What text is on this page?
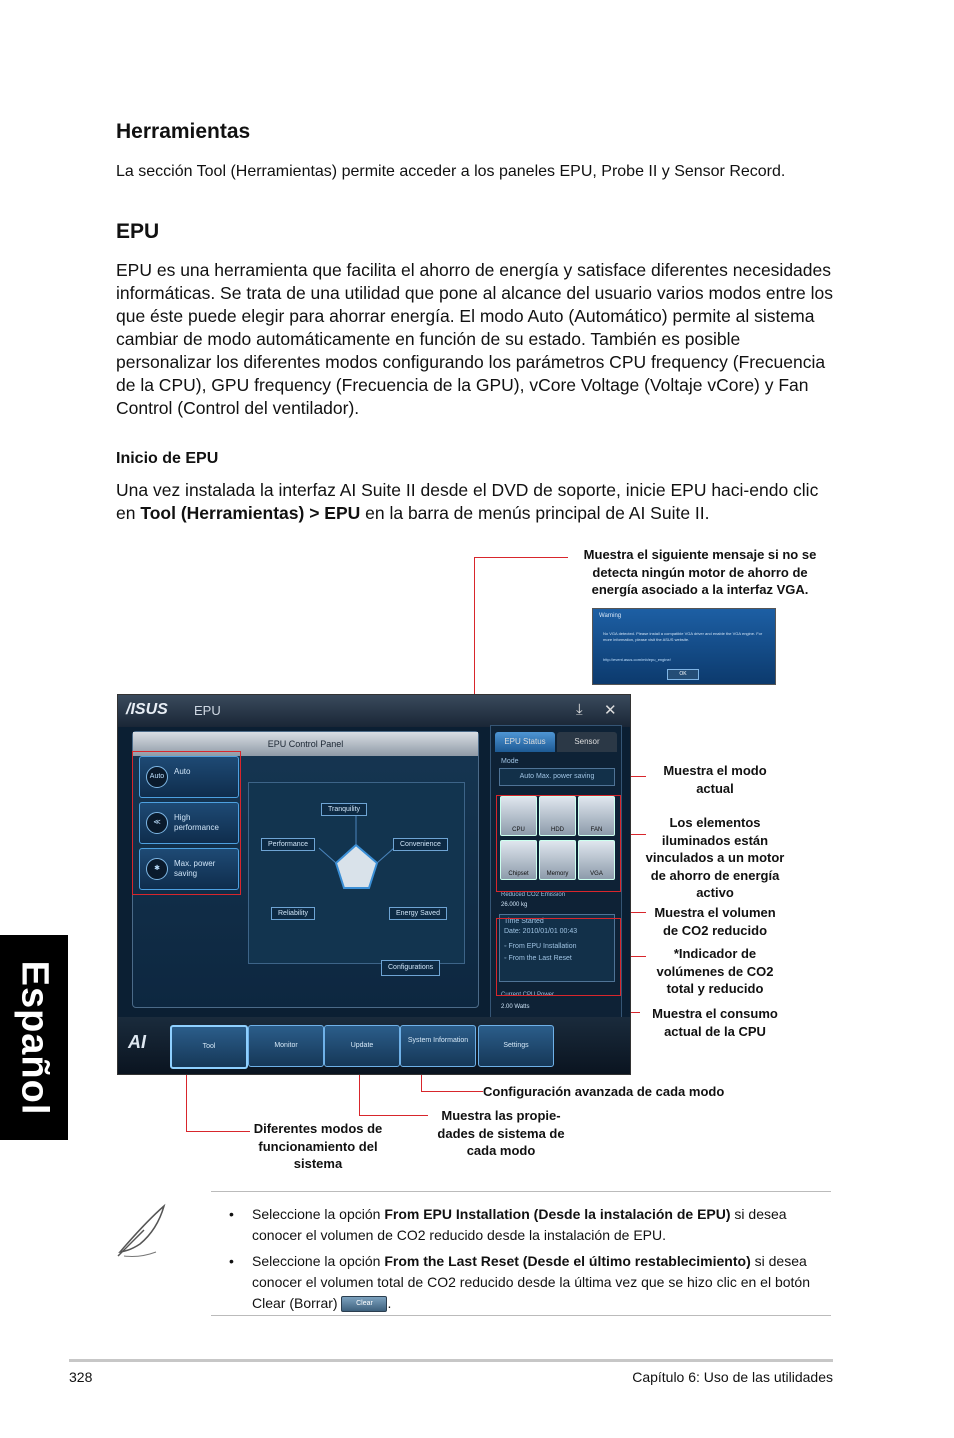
Español
Herramientas

La sección Tool (Herramientas) permite acceder a los paneles EPU, Probe II y Sensor Record.

EPU

EPU es una herramienta que facilita el ahorro de energía y satisface diferentes necesidades informáticas. Se trata de una utilidad que pone al alcance del usuario varios modos entre los que éste puede elegir para ahorrar energía. El modo Auto (Automático) permite al sistema cambiar de modo automáticamente en función de su estado. También es posible personalizar los diferentes modos configurando los parámetros CPU frequency (Frecuencia de la CPU), GPU frequency (Frecuencia de la GPU), vCore Voltage (Voltaje vCore) y Fan Control (Control del ventilador).

Inicio de EPU

Una vez instalada la interfaz AI Suite II desde el DVD de soporte, inicie EPU haci-endo clic en Tool (Herramientas) > EPU en la barra de menús principal de AI Suite II.

Muestra el siguiente mensaje si no se detecta ningún motor de ahorro de energía asociado a la interfaz VGA.
Muestra el modo actual
Los elementos iluminados están vinculados a un motor de ahorro de energía activo
Muestra el volumen de CO2 reducido
*Indicador de volúmenes de CO2 total y reducido
Muestra el consumo actual de la CPU
Configuración avanzada de cada modo
Diferentes modos de funcionamiento del sistema
Muestra las propie-dades de sistema de cada modo
Warning
No VGA detected. Please install a compatible VGA driver and enable the VGA engine. For more information, please visit the ASUS website.
http://event.asus.com/mb/epu_engine/
OK
/ISUS EPU	⤓ ✕
EPU Control Panel
Auto
Auto
≪
High performance
✱
Max. power saving
Tranquility
Performance	Convenience
Reliability	Energy Saved
Configurations
EPU Status	Sensor
Mode
Auto Max. power saving
CPU	HDD	FAN
Chipset	Memory	VGA
Reduced CO2 Emission
26.000 kg
Time Started
Date: 2010/01/01 00:43
◦ From EPU Installation
◦ From the Last Reset
Current CPU Power
2.00 Watts
AI	Tool	Monitor	Update
System Information
Settings
• Seleccione la opción From EPU Installation (Desde la instalación de EPU) si desea conocer el volumen de CO2 reducido desde la instalación de EPU.
• Seleccione la opción From the Last Reset (Desde el último restablecimiento) si desea conocer el volumen total de CO2 reducido desde la última vez que se hizo clic en el botón Clear (Borrar) Clear .
328	Capítulo 6: Uso de las utilidades
